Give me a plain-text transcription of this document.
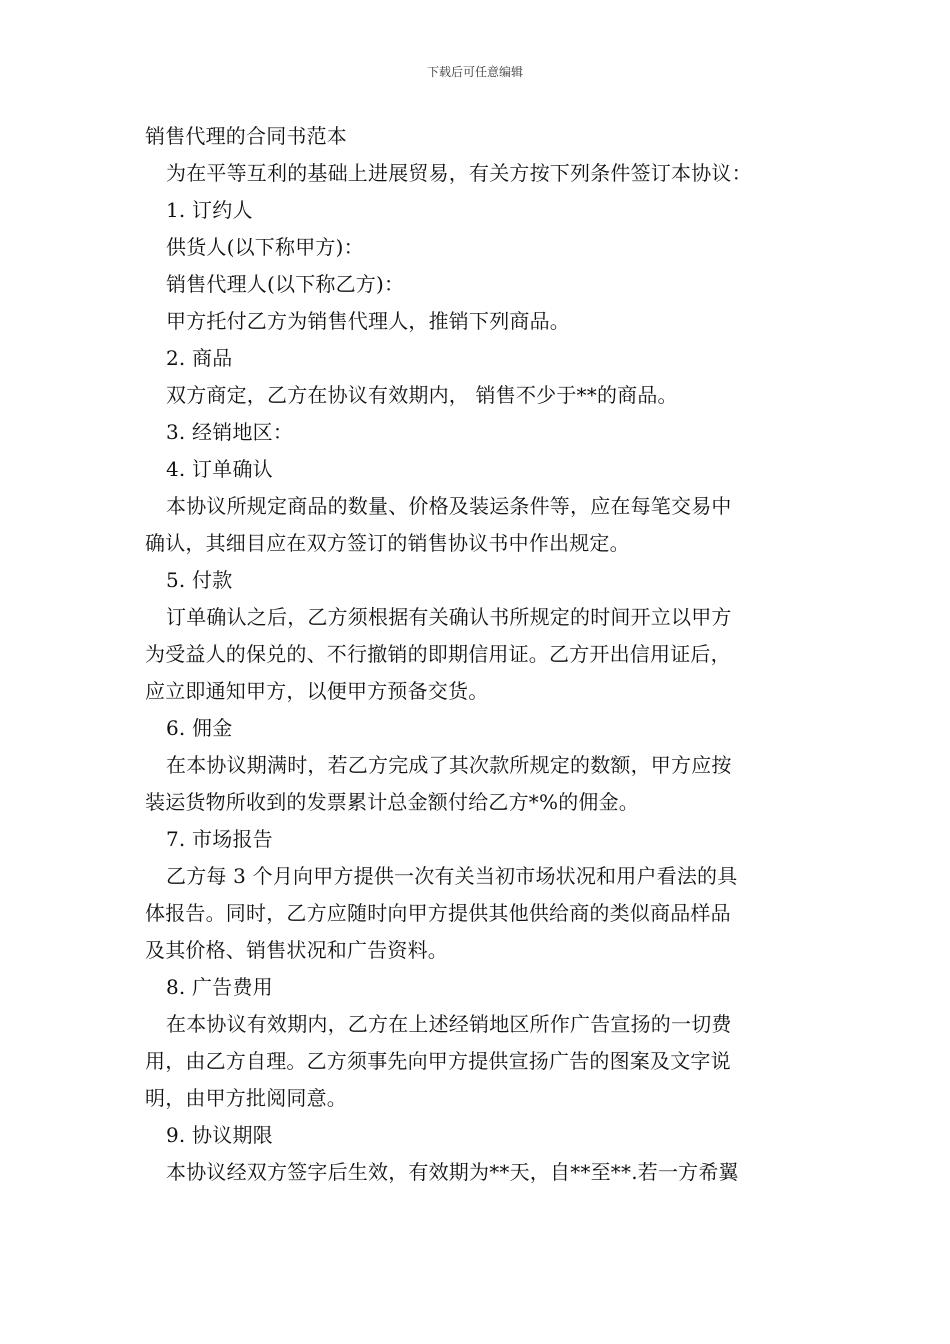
下载后可任意编辑
销售代理的合同书范本
为在平等互利的基础上进展贸易，有关方按下列条件签订本协议：
1. 订约人
供货人(以下称甲方)：
销售代理人(以下称乙方)：
甲方托付乙方为销售代理人，推销下列商品。
2. 商品
双方商定，乙方在协议有效期内， 销售不少于**的商品。
3. 经销地区：
4. 订单确认
本协议所规定商品的数量、价格及装运条件等，应在每笔交易中
确认，其细目应在双方签订的销售协议书中作出规定。
5. 付款
订单确认之后，乙方须根据有关确认书所规定的时间开立以甲方
为受益人的保兑的、不行撤销的即期信用证。乙方开出信用证后，
应立即通知甲方，以便甲方预备交货。
6. 佣金
在本协议期满时，若乙方完成了其次款所规定的数额，甲方应按
装运货物所收到的发票累计总金额付给乙方*%的佣金。
7. 市场报告
乙方每 3 个月向甲方提供一次有关当初市场状况和用户看法的具
体报告。同时，乙方应随时向甲方提供其他供给商的类似商品样品
及其价格、销售状况和广告资料。
8. 广告费用
在本协议有效期内，乙方在上述经销地区所作广告宣扬的一切费
用，由乙方自理。乙方须事先向甲方提供宣扬广告的图案及文字说
明，由甲方批阅同意。
9. 协议期限
本协议经双方签字后生效，有效期为**天，自**至**.若一方希翼
